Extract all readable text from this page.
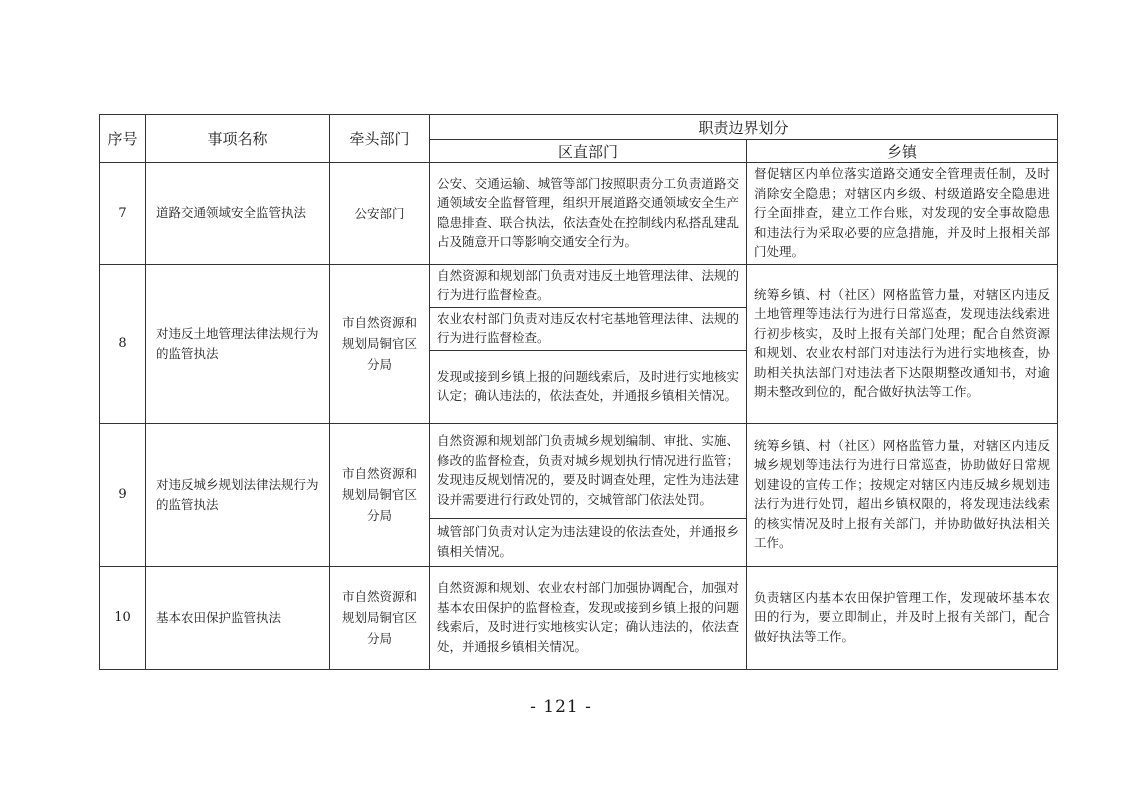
序号	事项名称	牵头部门	职责边界划分	
			区直部门	乡镇
7	道路交通领域安全监管执法	公安部门	公安、交通运输、城管等部门按照职责分工负责道路交通领域安全监督管理，组织开展道路交通领域安全生产隐患排查、联合执法，依法查处在控制线内私搭乱建乱占及随意开口等影响交通安全行为。	督促辖区内单位落实道路交通安全管理责任制，及时消除安全隐患；对辖区内乡级、村级道路安全隐患进行全面排查，建立工作台账，对发现的安全事故隐患和违法行为采取必要的应急措施，并及时上报相关部门处理。
8	对违反土地管理法律法规行为的监管执法	市自然资源和规划局铜官区分局	自然资源和规划部门负责对违反土地管理法律、法规的行为进行监督检查。	统筹乡镇、村（社区）网格监管力量，对辖区内违反土地管理等违法行为进行日常巡查，发现违法线索进行初步核实，及时上报有关部门处理；配合自然资源和规划、农业农村部门对违法行为进行实地核查，协助相关执法部门对违法者下达限期整改通知书，对逾期未整改到位的，配合做好执法等工作。
			农业农村部门负责对违反农村宅基地管理法律、法规的行为进行监督检查。	
			发现或接到乡镇上报的问题线索后，及时进行实地核实认定；确认违法的，依法查处，并通报乡镇相关情况。	
9	对违反城乡规划法律法规行为的监管执法	市自然资源和规划局铜官区分局	自然资源和规划部门负责城乡规划编制、审批、实施、修改的监督检查，负责对城乡规划执行情况进行监管；发现违反规划情况的，要及时调查处理，定性为违法建设并需要进行行政处罚的，交城管部门依法处罚。	统筹乡镇、村（社区）网格监管力量，对辖区内违反城乡规划等违法行为进行日常巡查，协助做好日常规划建设的宣传工作；按规定对辖区内违反城乡规划违法行为进行处罚，超出乡镇权限的，将发现违法线索的核实情况及时上报有关部门，并协助做好执法相关工作。
			城管部门负责对认定为违法建设的依法查处，并通报乡镇相关情况。	
10	基本农田保护监管执法	市自然资源和规划局铜官区分局	自然资源和规划、农业农村部门加强协调配合，加强对基本农田保护的监督检查，发现或接到乡镇上报的问题线索后，及时进行实地核实认定；确认违法的，依法查处，并通报乡镇相关情况。	负责辖区内基本农田保护管理工作，发现破坏基本农田的行为，要立即制止，并及时上报有关部门，配合做好执法等工作。
- 121 -
